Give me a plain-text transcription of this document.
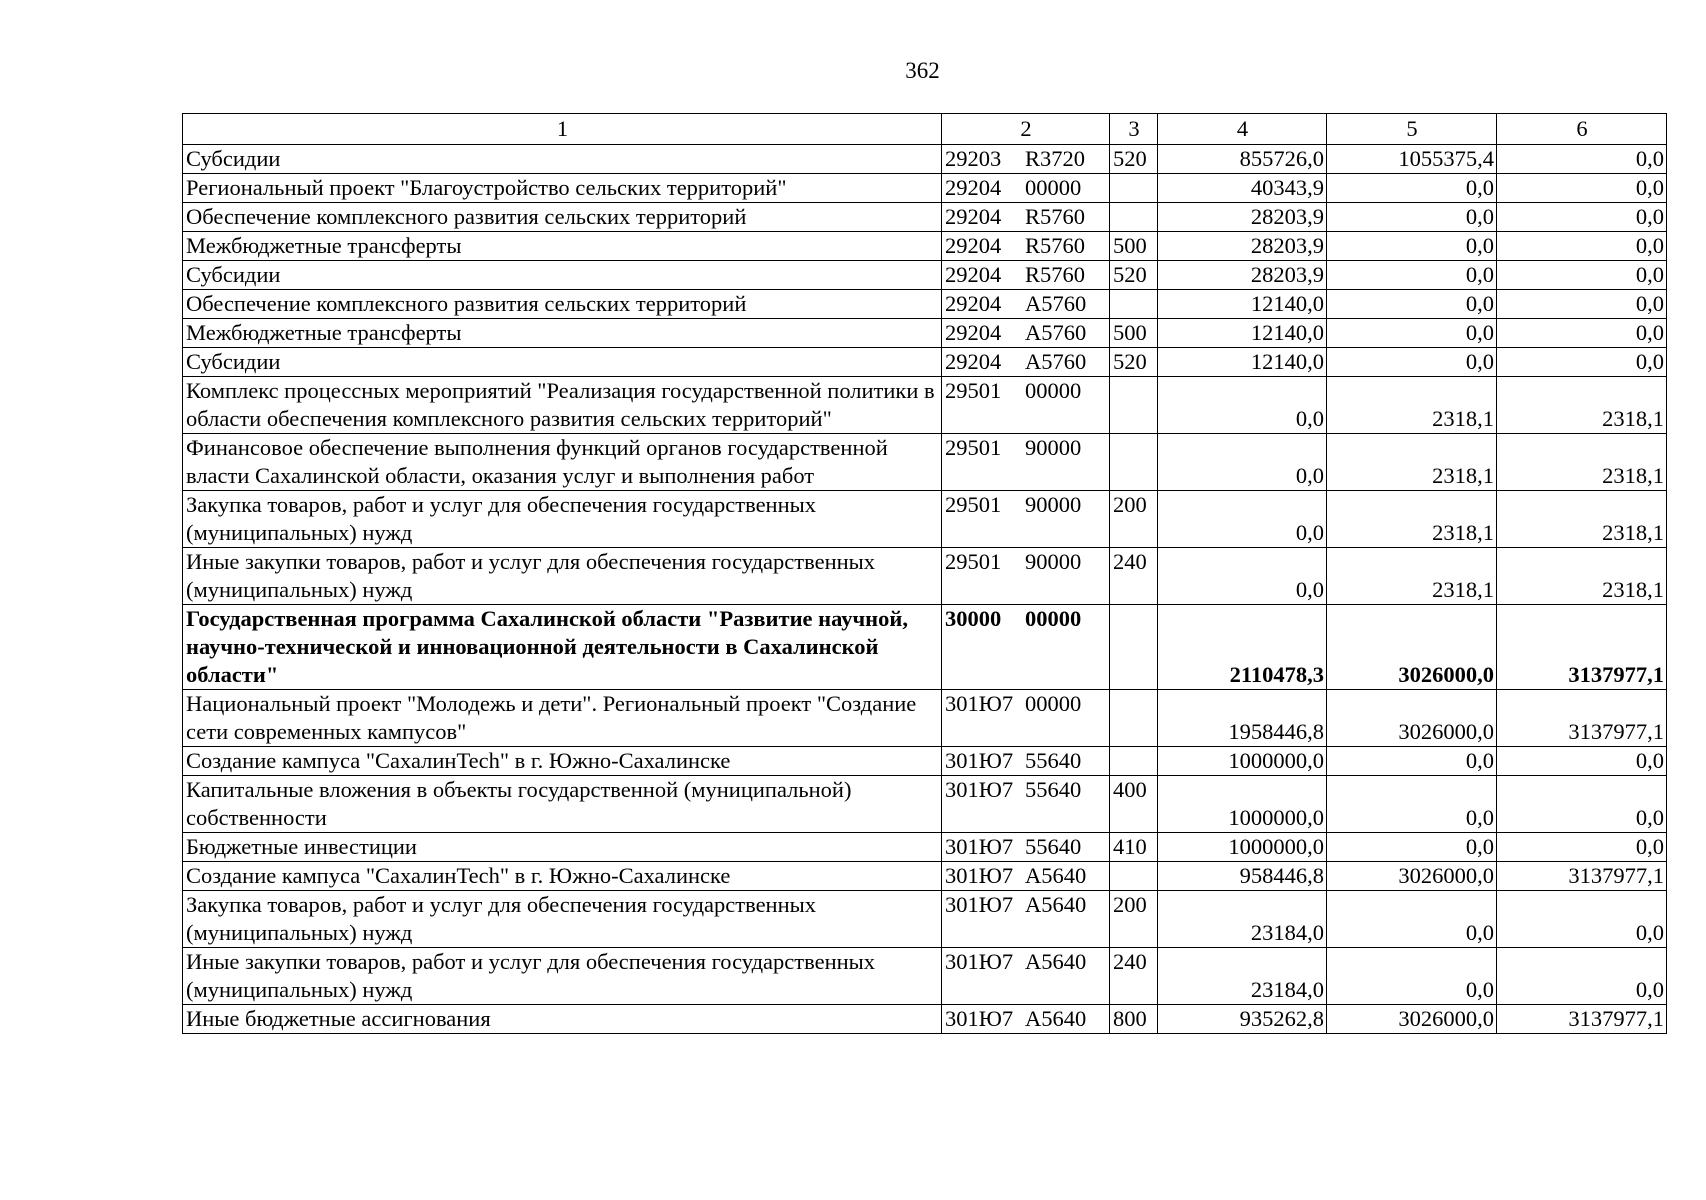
362
1	2	3	4	5	6
Субсидии	29203 R3720	520	855726,0	1055375,4	0,0
Региональный проект "Благоустройство сельских территорий"	29204 00000		40343,9	0,0	0,0
Обеспечение комплексного развития сельских территорий	29204 R5760		28203,9	0,0	0,0
Межбюджетные трансферты	29204 R5760	500	28203,9	0,0	0,0
Субсидии	29204 R5760	520	28203,9	0,0	0,0
Обеспечение комплексного развития сельских территорий	29204 A5760		12140,0	0,0	0,0
Межбюджетные трансферты	29204 A5760	500	12140,0	0,0	0,0
Субсидии	29204 A5760	520	12140,0	0,0	0,0
Комплекс процессных мероприятий "Реализация государственной политики в области обеспечения комплексного развития сельских территорий"	29501 00000		0,0	2318,1	2318,1
Финансовое обеспечение выполнения функций органов государственной власти Сахалинской области, оказания услуг и выполнения работ	29501 90000		0,0	2318,1	2318,1
Закупка товаров, работ и услуг для обеспечения государственных (муниципальных) нужд	29501 90000	200	0,0	2318,1	2318,1
Иные закупки товаров, работ и услуг для обеспечения государственных (муниципальных) нужд	29501 90000	240	0,0	2318,1	2318,1
Государственная программа Сахалинской области "Развитие научной, научно-технической и инновационной деятельности в Сахалинской области"	30000 00000		2110478,3	3026000,0	3137977,1
Национальный проект "Молодежь и дети". Региональный проект "Создание сети современных кампусов"	301Ю7 00000		1958446,8	3026000,0	3137977,1
Создание кампуса "СахалинTech" в г. Южно-Сахалинске	301Ю7 55640		1000000,0	0,0	0,0
Капитальные вложения в объекты государственной (муниципальной) собственности	301Ю7 55640	400	1000000,0	0,0	0,0
Бюджетные инвестиции	301Ю7 55640	410	1000000,0	0,0	0,0
Создание кампуса "СахалинTech" в г. Южно-Сахалинске	301Ю7 A5640		958446,8	3026000,0	3137977,1
Закупка товаров, работ и услуг для обеспечения государственных (муниципальных) нужд	301Ю7 A5640	200	23184,0	0,0	0,0
Иные закупки товаров, работ и услуг для обеспечения государственных (муниципальных) нужд	301Ю7 A5640	240	23184,0	0,0	0,0
Иные бюджетные ассигнования	301Ю7 A5640	800	935262,8	3026000,0	3137977,1
